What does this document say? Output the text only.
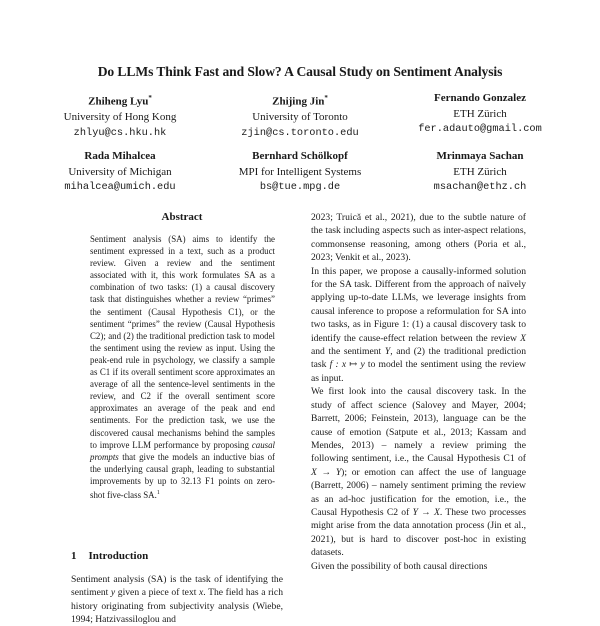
Do LLMs Think Fast and Slow? A Causal Study on Sentiment Analysis
Zhiheng Lyu*
University of Hong Kong
zhlyu@cs.hku.hk
Zhijing Jin*
University of Toronto
zjin@cs.toronto.edu
Fernando Gonzalez
ETH Zürich
fer.adauto@gmail.com
Rada Mihalcea
University of Michigan
mihalcea@umich.edu
Bernhard Schölkopf
MPI for Intelligent Systems
bs@tue.mpg.de
Mrinmaya Sachan
ETH Zürich
msachan@ethz.ch
Abstract

Sentiment analysis (SA) aims to identify the sentiment expressed in a text, such as a product review. Given a review and the sentiment associated with it, this work formulates SA as a combination of two tasks: (1) a causal discovery task that distinguishes whether a review “primes” the sentiment (Causal Hypothesis C1), or the sentiment “primes” the review (Causal Hypothesis C2); and (2) the traditional prediction task to model the sentiment using the review as input. Using the peak-end rule in psychology, we classify a sample as C1 if its overall sentiment score approximates an average of all the sentence-level sentiments in the review, and C2 if the overall sentiment score approximates an average of the peak and end sentiments. For the prediction task, we use the discovered causal mechanisms behind the samples to improve LLM performance by proposing causal prompts that give the models an inductive bias of the underlying causal graph, leading to substantial improvements by up to 32.13 F1 points on zero-shot five-class SA.$^1$

1 Introduction

Sentiment analysis (SA) is the task of identifying the sentiment y given a piece of text x. The field has a rich history originating from subjectivity analysis (Wiebe, 1994; Hatzivassiloglou and

2023; Truică et al., 2021), due to the subtle nature of the task including aspects such as inter-aspect relations, commonsense reasoning, among others (Poria et al., 2023; Venkit et al., 2023).

In this paper, we propose a causally-informed solution for the SA task. Different from the approach of naïvely applying up-to-date LLMs, we leverage insights from causal inference to propose a reformulation for SA into two tasks, as in Figure 1: (1) a causal discovery task to identify the cause-effect relation between the review X and the sentiment Y, and (2) the traditional prediction task f : x ↦ y to model the sentiment using the review as input.

We first look into the causal discovery task. In the study of affect science (Salovey and Mayer, 2004; Barrett, 2006; Feinstein, 2013), language can be the cause of emotion (Satpute et al., 2013; Kassam and Mendes, 2013) – namely a review priming the following sentiment, i.e., the Causal Hypothesis C1 of X → Y); or emotion can affect the use of language (Barrett, 2006) – namely sentiment priming the review as an ad-hoc justification for the emotion, i.e., the Causal Hypothesis C2 of Y → X. These two processes might arise from the data annotation process (Jin et al., 2021), but is hard to discover post-hoc in existing datasets.

Given the possibility of both causal directions
